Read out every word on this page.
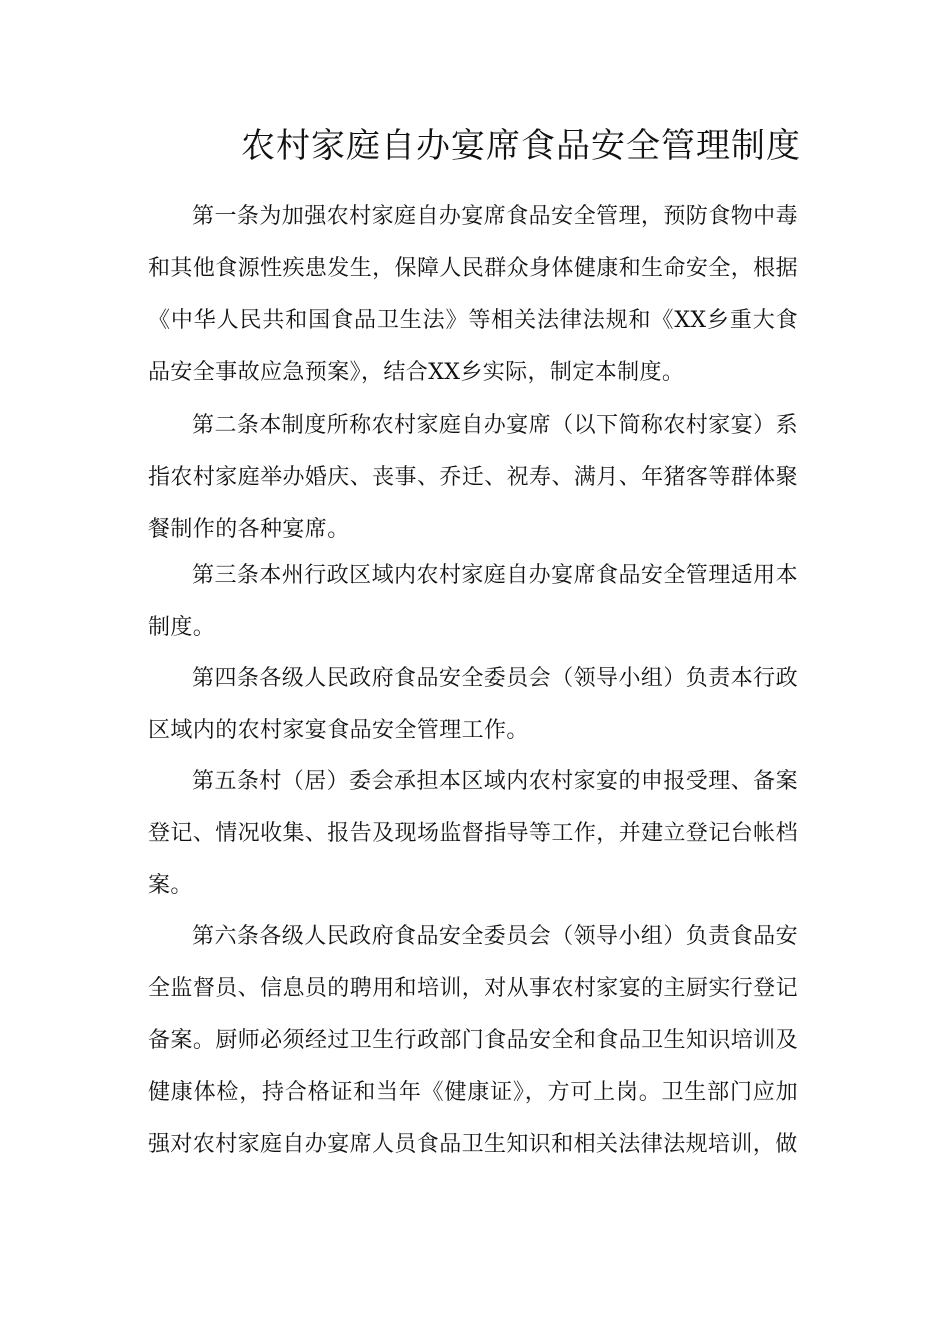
农村家庭自办宴席食品安全管理制度

第一条为加强农村家庭自办宴席食品安全管理，预防食物中毒和其他食源性疾患发生，保障人民群众身体健康和生命安全，根据《中华人民共和国食品卫生法》等相关法律法规和《XX乡重大食品安全事故应急预案》，结合XX乡实际，制定本制度。

第二条本制度所称农村家庭自办宴席（以下简称农村家宴）系指农村家庭举办婚庆、丧事、乔迁、祝寿、满月、年猪客等群体聚餐制作的各种宴席。

第三条本州行政区域内农村家庭自办宴席食品安全管理适用本制度。

第四条各级人民政府食品安全委员会（领导小组）负责本行政区域内的农村家宴食品安全管理工作。

第五条村（居）委会承担本区域内农村家宴的申报受理、备案登记、情况收集、报告及现场监督指导等工作，并建立登记台帐档案。

第六条各级人民政府食品安全委员会（领导小组）负责食品安全监督员、信息员的聘用和培训，对从事农村家宴的主厨实行登记备案。厨师必须经过卫生行政部门食品安全和食品卫生知识培训及健康体检，持合格证和当年《健康证》，方可上岗。卫生部门应加强对农村家庭自办宴席人员食品卫生知识和相关法律法规培训，做
